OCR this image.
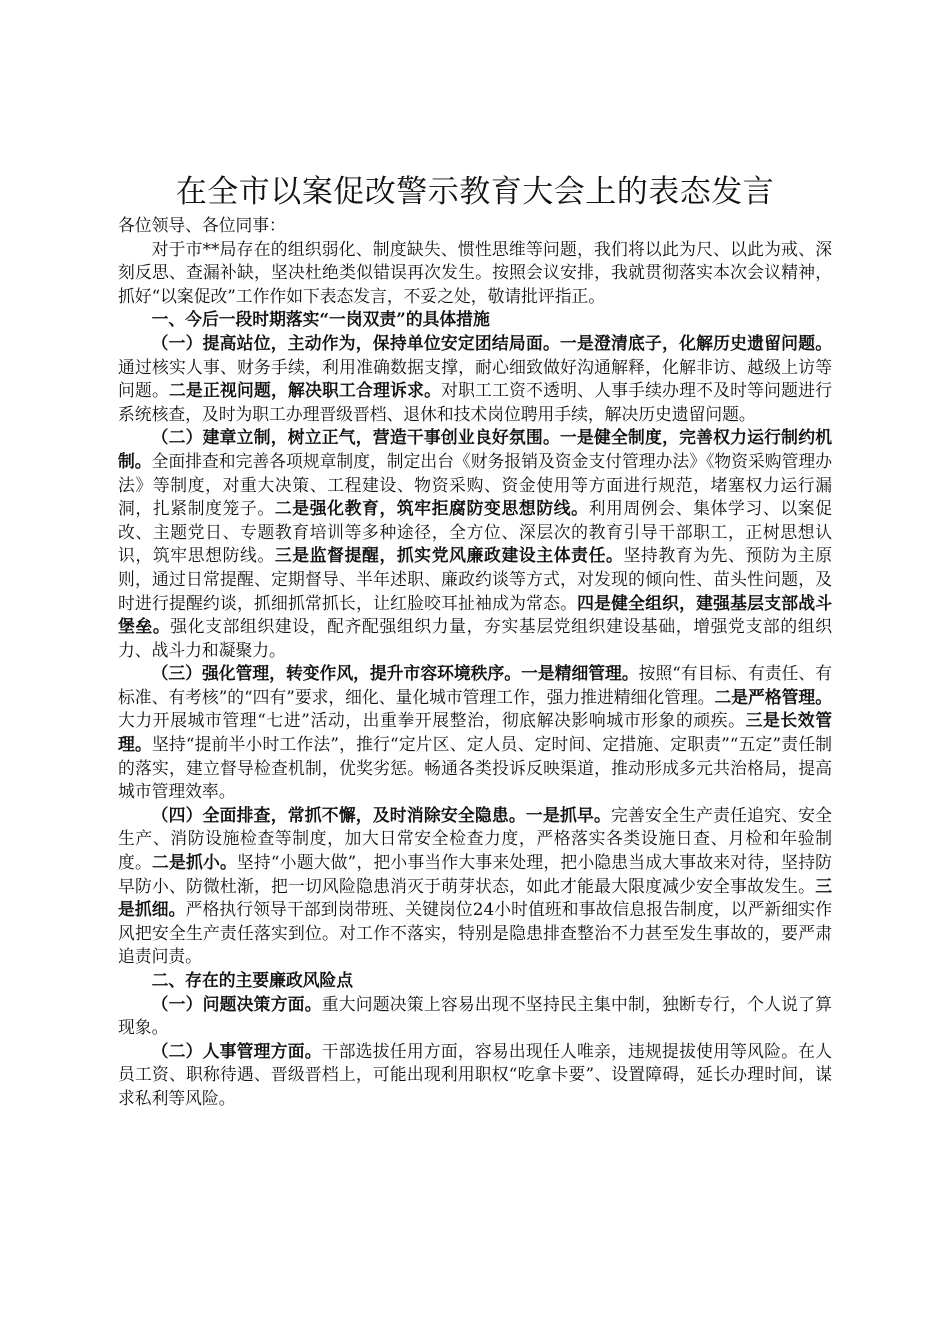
在全市以案促改警示教育大会上的表态发言

各位领导、各位同事：

对于市**局存在的组织弱化、制度缺失、惯性思维等问题，我们将以此为尺、以此为戒、深刻反思、查漏补缺，坚决杜绝类似错误再次发生。按照会议安排，我就贯彻落实本次会议精神，抓好“以案促改”工作作如下表态发言，不妥之处，敬请批评指正。

一、今后一段时期落实“一岗双责”的具体措施

（一）提高站位，主动作为，保持单位安定团结局面。一是澄清底子，化解历史遗留问题。通过核实人事、财务手续，利用准确数据支撑，耐心细致做好沟通解释，化解非访、越级上访等问题。二是正视问题，解决职工合理诉求。对职工工资不透明、人事手续办理不及时等问题进行系统核查，及时为职工办理晋级晋档、退休和技术岗位聘用手续，解决历史遗留问题。

（二）建章立制，树立正气，营造干事创业良好氛围。一是健全制度，完善权力运行制约机制。全面排查和完善各项规章制度，制定出台《财务报销及资金支付管理办法》《物资采购管理办法》等制度，对重大决策、工程建设、物资采购、资金使用等方面进行规范，堵塞权力运行漏洞，扎紧制度笼子。二是强化教育，筑牢拒腐防变思想防线。利用周例会、集体学习、以案促改、主题党日、专题教育培训等多种途径，全方位、深层次的教育引导干部职工，正树思想认识，筑牢思想防线。三是监督提醒，抓实党风廉政建设主体责任。坚持教育为先、预防为主原则，通过日常提醒、定期督导、半年述职、廉政约谈等方式，对发现的倾向性、苗头性问题，及时进行提醒约谈，抓细抓常抓长，让红脸咬耳扯袖成为常态。四是健全组织，建强基层支部战斗堡垒。强化支部组织建设，配齐配强组织力量，夯实基层党组织建设基础，增强党支部的组织力、战斗力和凝聚力。

（三）强化管理，转变作风，提升市容环境秩序。一是精细管理。按照“有目标、有责任、有标准、有考核”的“四有”要求，细化、量化城市管理工作，强力推进精细化管理。二是严格管理。大力开展城市管理“七进”活动，出重拳开展整治，彻底解决影响城市形象的顽疾。三是长效管理。坚持“提前半小时工作法”，推行“定片区、定人员、定时间、定措施、定职责”“五定”责任制的落实，建立督导检查机制，优奖劣惩。畅通各类投诉反映渠道，推动形成多元共治格局，提高城市管理效率。

（四）全面排查，常抓不懈，及时消除安全隐患。一是抓早。完善安全生产责任追究、安全生产、消防设施检查等制度，加大日常安全检查力度，严格落实各类设施日查、月检和年验制度。二是抓小。坚持“小题大做”，把小事当作大事来处理，把小隐患当成大事故来对待，坚持防早防小、防微杜渐，把一切风险隐患消灭于萌芽状态，如此才能最大限度减少安全事故发生。三是抓细。严格执行领导干部到岗带班、关键岗位24小时值班和事故信息报告制度，以严新细实作风把安全生产责任落实到位。对工作不落实，特别是隐患排查整治不力甚至发生事故的，要严肃追责问责。

二、存在的主要廉政风险点

（一）问题决策方面。重大问题决策上容易出现不坚持民主集中制，独断专行，个人说了算现象。

（二）人事管理方面。干部选拔任用方面，容易出现任人唯亲，违规提拔使用等风险。在人员工资、职称待遇、晋级晋档上，可能出现利用职权“吃拿卡要”、设置障碍，延长办理时间，谋求私利等风险。
